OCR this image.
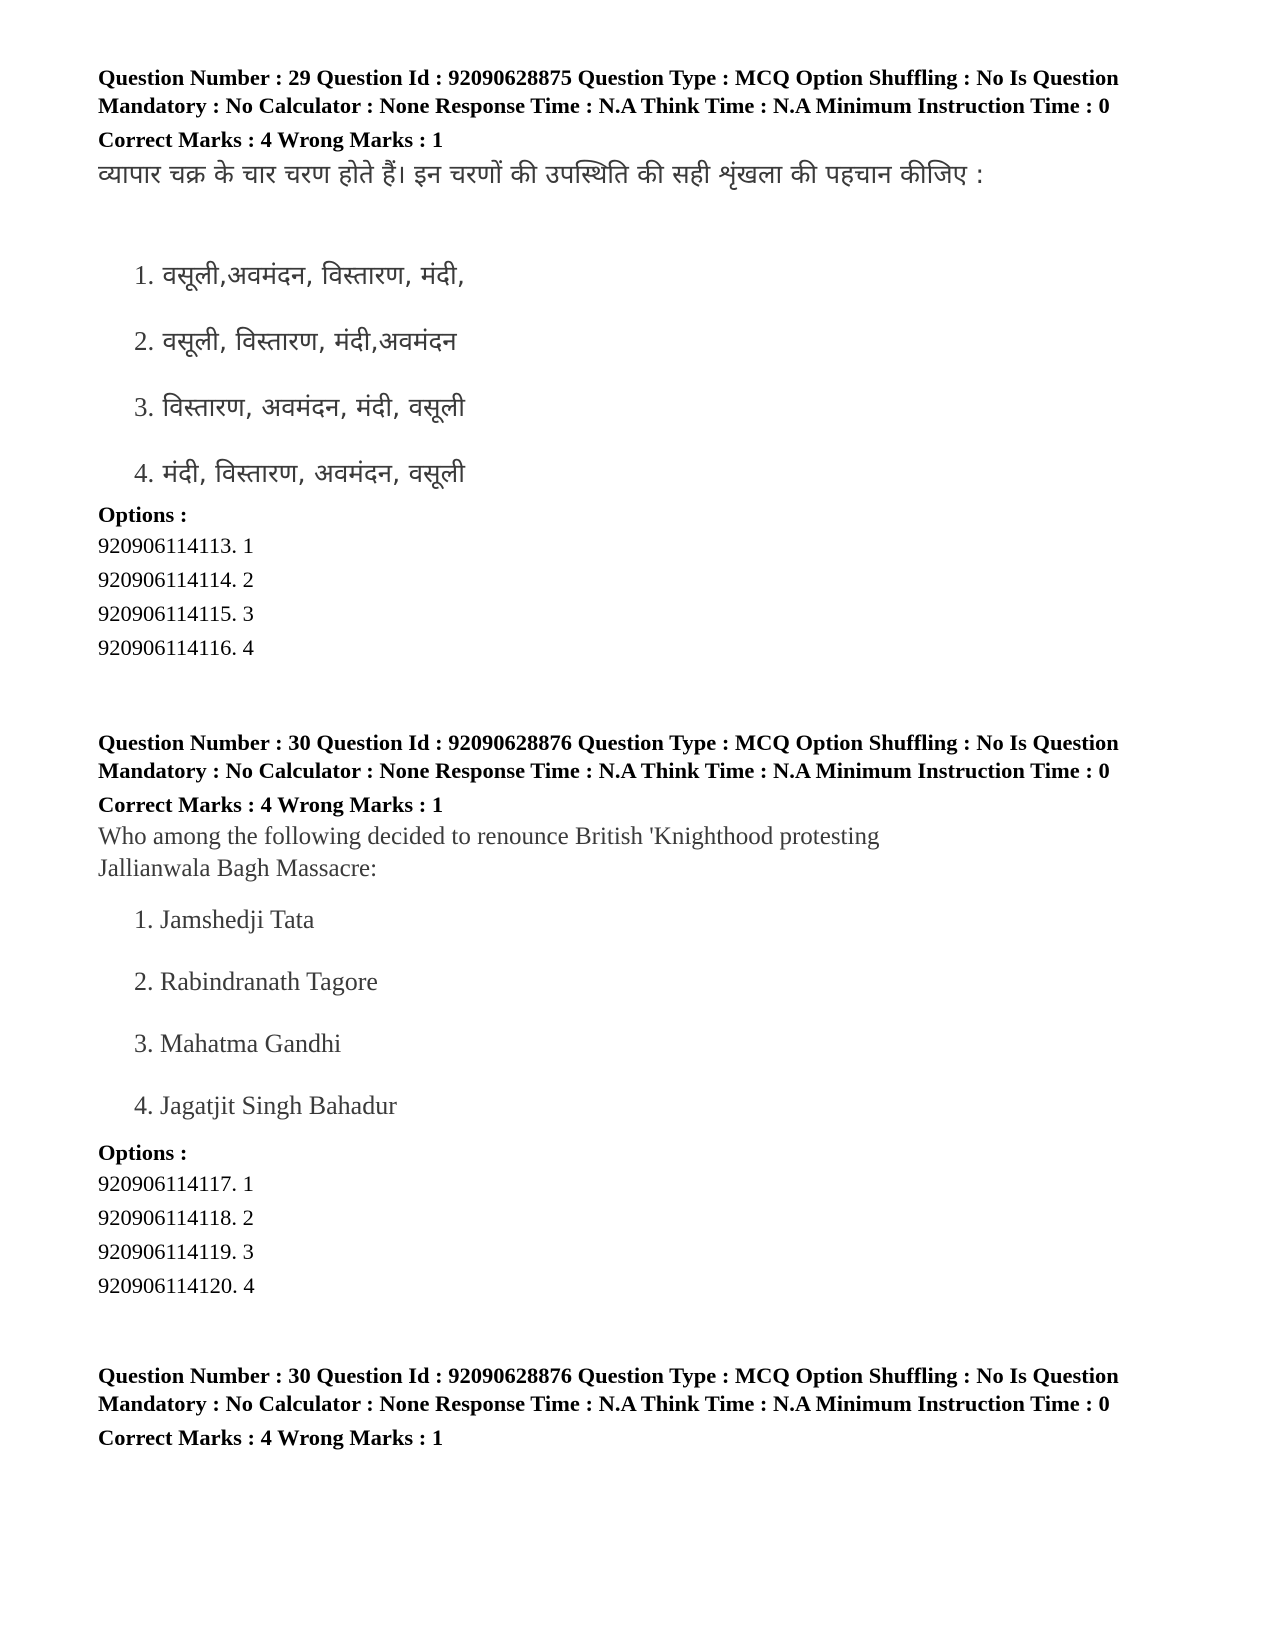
Question Number : 29 Question Id : 92090628875 Question Type : MCQ Option Shuffling : No Is Question Mandatory : No Calculator : None Response Time : N.A Think Time : N.A Minimum Instruction Time : 0

Correct Marks : 4 Wrong Marks : 1
व्यापार चक्र के चार चरण होते हैं। इन चरणों की उपस्थिति की सही शृंखला की पहचान कीजिए :
1. वसूली,अवमंदन, विस्तारण, मंदी,
2. वसूली, विस्तारण, मंदी,अवमंदन
3. विस्तारण, अवमंदन, मंदी, वसूली
4. मंदी, विस्तारण, अवमंदन, वसूली
Options :
920906114113. 1
920906114114. 2
920906114115. 3
920906114116. 4

Question Number : 30 Question Id : 92090628876 Question Type : MCQ Option Shuffling : No Is Question Mandatory : No Calculator : None Response Time : N.A Think Time : N.A Minimum Instruction Time : 0

Correct Marks : 4 Wrong Marks : 1
Who among the following decided to renounce British 'Knighthood protesting Jallianwala Bagh Massacre:
1. Jamshedji Tata
2. Rabindranath Tagore
3. Mahatma Gandhi
4. Jagatjit Singh Bahadur
Options :
920906114117. 1
920906114118. 2
920906114119. 3
920906114120. 4

Question Number : 30 Question Id : 92090628876 Question Type : MCQ Option Shuffling : No Is Question Mandatory : No Calculator : None Response Time : N.A Think Time : N.A Minimum Instruction Time : 0

Correct Marks : 4 Wrong Marks : 1
